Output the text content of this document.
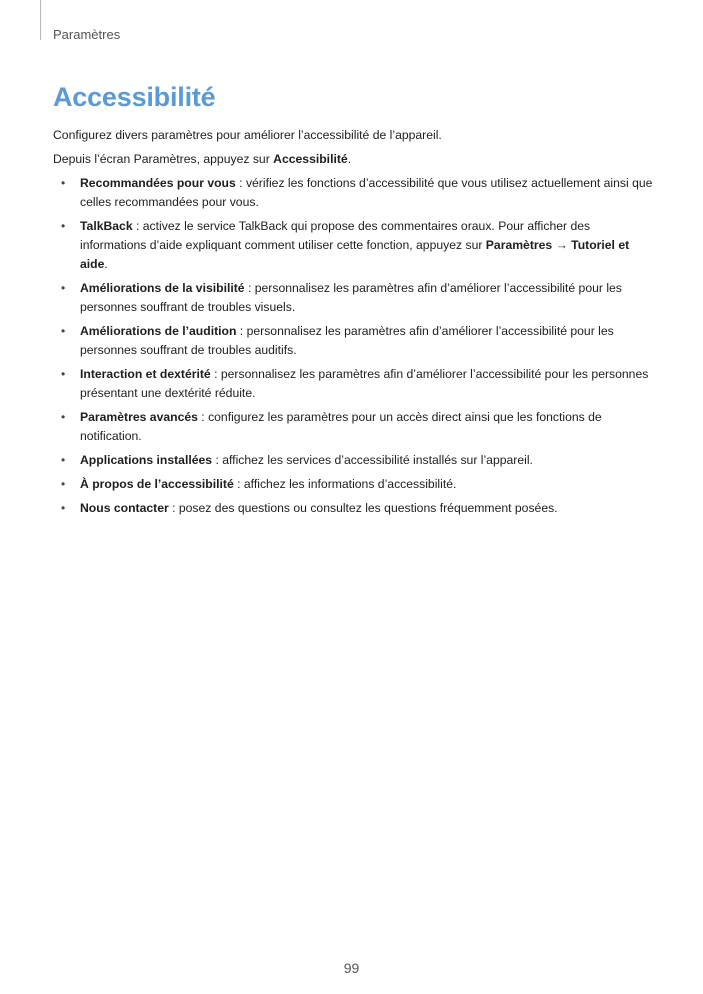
Paramètres
Accessibilité

Configurez divers paramètres pour améliorer l’accessibilité de l’appareil.

Depuis l’écran Paramètres, appuyez sur Accessibilité.

• Recommandées pour vous : vérifiez les fonctions d’accessibilité que vous utilisez actuellement ainsi que celles recommandées pour vous.
• TalkBack : activez le service TalkBack qui propose des commentaires oraux. Pour afficher des informations d’aide expliquant comment utiliser cette fonction, appuyez sur Paramètres → Tutoriel et aide.
• Améliorations de la visibilité : personnalisez les paramètres afin d’améliorer l’accessibilité pour les personnes souffrant de troubles visuels.
• Améliorations de l’audition : personnalisez les paramètres afin d’améliorer l’accessibilité pour les personnes souffrant de troubles auditifs.
• Interaction et dextérité : personnalisez les paramètres afin d’améliorer l’accessibilité pour les personnes présentant une dextérité réduite.
• Paramètres avancés : configurez les paramètres pour un accès direct ainsi que les fonctions de notification.
• Applications installées : affichez les services d’accessibilité installés sur l’appareil.
• À propos de l’accessibilité : affichez les informations d’accessibilité.
• Nous contacter : posez des questions ou consultez les questions fréquemment posées.
99
